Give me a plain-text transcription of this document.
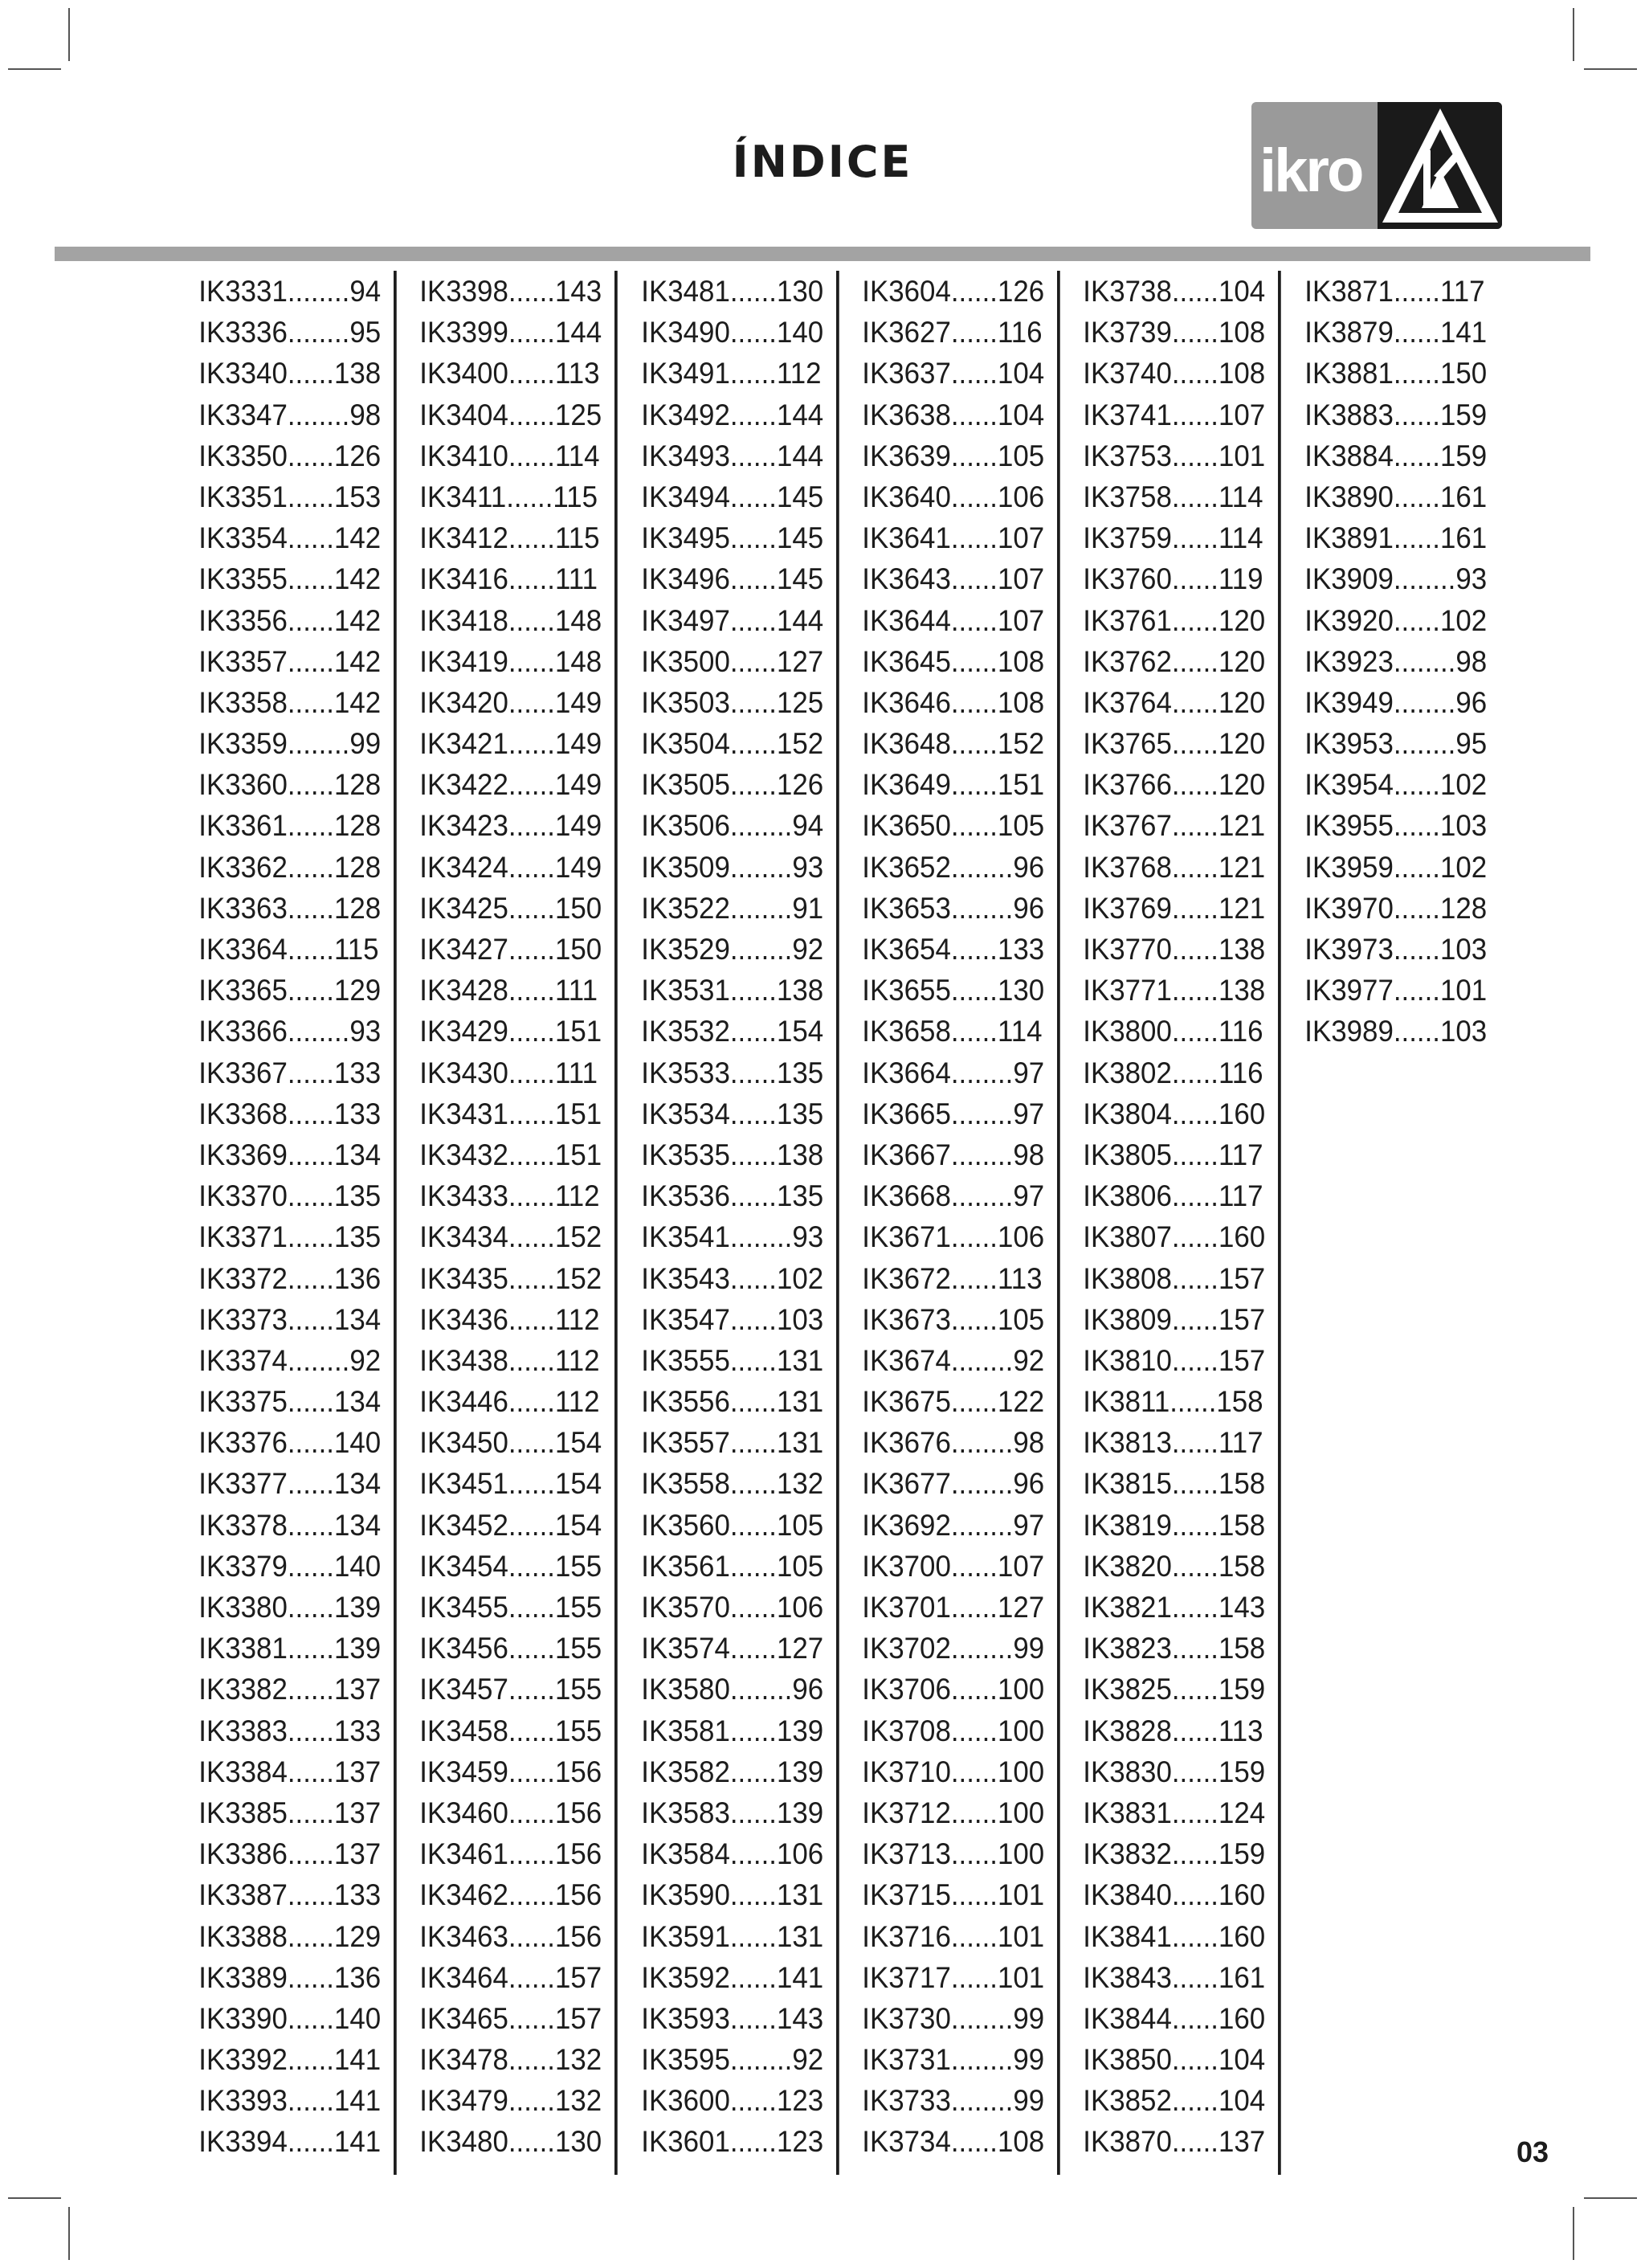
ÍNDICE	ikro
IK3331........94
IK3336........95
IK3340......138
IK3347........98
IK3350......126
IK3351......153
IK3354......142
IK3355......142
IK3356......142
IK3357......142
IK3358......142
IK3359........99
IK3360......128
IK3361......128
IK3362......128
IK3363......128
IK3364......115
IK3365......129
IK3366........93
IK3367......133
IK3368......133
IK3369......134
IK3370......135
IK3371......135
IK3372......136
IK3373......134
IK3374........92
IK3375......134
IK3376......140
IK3377......134
IK3378......134
IK3379......140
IK3380......139
IK3381......139
IK3382......137
IK3383......133
IK3384......137
IK3385......137
IK3386......137
IK3387......133
IK3388......129
IK3389......136
IK3390......140
IK3392......141
IK3393......141
IK3394......141
IK3398......143
IK3399......144
IK3400......113
IK3404......125
IK3410......114
IK3411......115
IK3412......115
IK3416......111
IK3418......148
IK3419......148
IK3420......149
IK3421......149
IK3422......149
IK3423......149
IK3424......149
IK3425......150
IK3427......150
IK3428......111
IK3429......151
IK3430......111
IK3431......151
IK3432......151
IK3433......112
IK3434......152
IK3435......152
IK3436......112
IK3438......112
IK3446......112
IK3450......154
IK3451......154
IK3452......154
IK3454......155
IK3455......155
IK3456......155
IK3457......155
IK3458......155
IK3459......156
IK3460......156
IK3461......156
IK3462......156
IK3463......156
IK3464......157
IK3465......157
IK3478......132
IK3479......132
IK3480......130
IK3481......130
IK3490......140
IK3491......112
IK3492......144
IK3493......144
IK3494......145
IK3495......145
IK3496......145
IK3497......144
IK3500......127
IK3503......125
IK3504......152
IK3505......126
IK3506........94
IK3509........93
IK3522........91
IK3529........92
IK3531......138
IK3532......154
IK3533......135
IK3534......135
IK3535......138
IK3536......135
IK3541........93
IK3543......102
IK3547......103
IK3555......131
IK3556......131
IK3557......131
IK3558......132
IK3560......105
IK3561......105
IK3570......106
IK3574......127
IK3580........96
IK3581......139
IK3582......139
IK3583......139
IK3584......106
IK3590......131
IK3591......131
IK3592......141
IK3593......143
IK3595........92
IK3600......123
IK3601......123
IK3604......126
IK3627......116
IK3637......104
IK3638......104
IK3639......105
IK3640......106
IK3641......107
IK3643......107
IK3644......107
IK3645......108
IK3646......108
IK3648......152
IK3649......151
IK3650......105
IK3652........96
IK3653........96
IK3654......133
IK3655......130
IK3658......114
IK3664........97
IK3665........97
IK3667........98
IK3668........97
IK3671......106
IK3672......113
IK3673......105
IK3674........92
IK3675......122
IK3676........98
IK3677........96
IK3692........97
IK3700......107
IK3701......127
IK3702........99
IK3706......100
IK3708......100
IK3710......100
IK3712......100
IK3713......100
IK3715......101
IK3716......101
IK3717......101
IK3730........99
IK3731........99
IK3733........99
IK3734......108
IK3738......104
IK3739......108
IK3740......108
IK3741......107
IK3753......101
IK3758......114
IK3759......114
IK3760......119
IK3761......120
IK3762......120
IK3764......120
IK3765......120
IK3766......120
IK3767......121
IK3768......121
IK3769......121
IK3770......138
IK3771......138
IK3800......116
IK3802......116
IK3804......160
IK3805......117
IK3806......117
IK3807......160
IK3808......157
IK3809......157
IK3810......157
IK3811......158
IK3813......117
IK3815......158
IK3819......158
IK3820......158
IK3821......143
IK3823......158
IK3825......159
IK3828......113
IK3830......159
IK3831......124
IK3832......159
IK3840......160
IK3841......160
IK3843......161
IK3844......160
IK3850......104
IK3852......104
IK3870......137
IK3871......117
IK3879......141
IK3881......150
IK3883......159
IK3884......159
IK3890......161
IK3891......161
IK3909........93
IK3920......102
IK3923........98
IK3949........96
IK3953........95
IK3954......102
IK3955......103
IK3959......102
IK3970......128
IK3973......103
IK3977......101
IK3989......103
03
